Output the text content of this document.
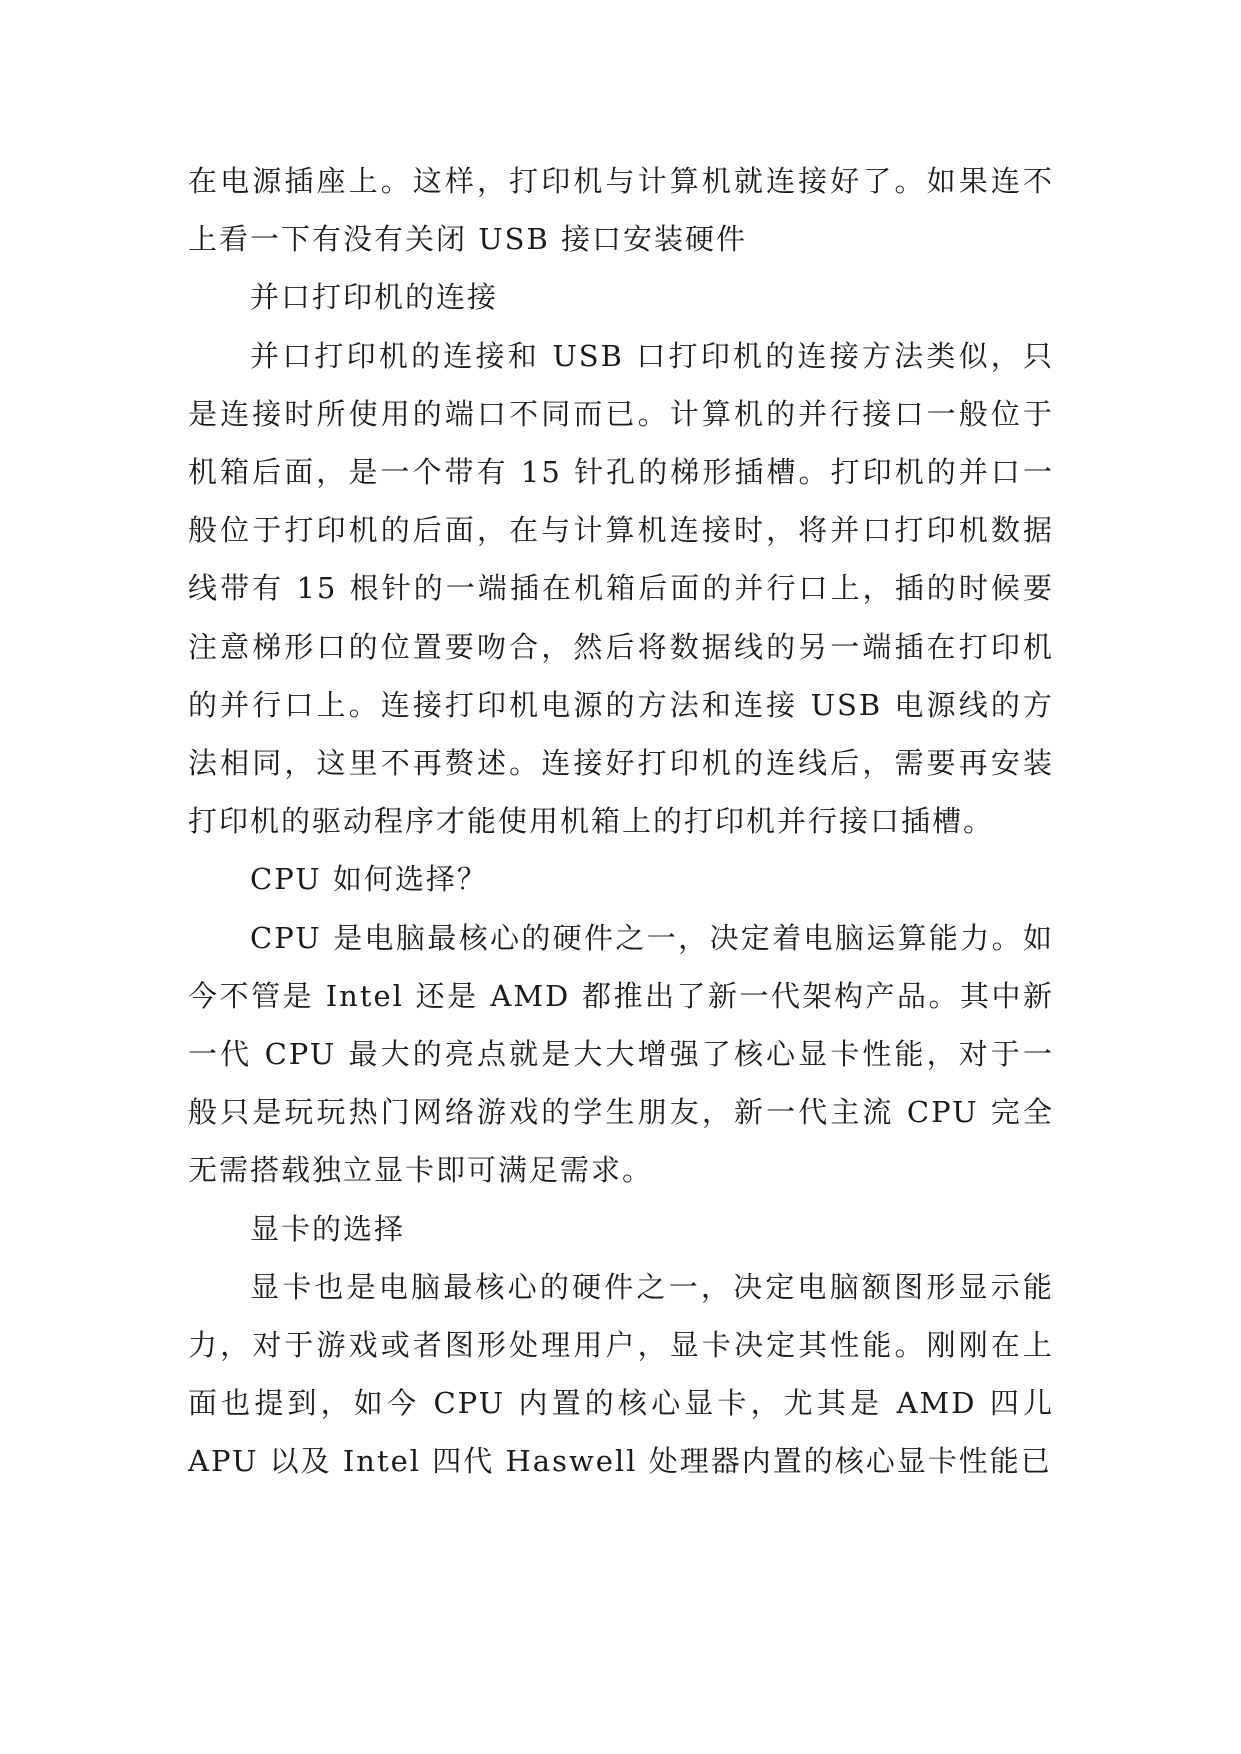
在电源插座上。这样，打印机与计算机就连接好了。如果连不上看一下有没有关闭 USB 接口安装硬件

并口打印机的连接

并口打印机的连接和 USB 口打印机的连接方法类似，只是连接时所使用的端口不同而已。计算机的并行接口一般位于机箱后面，是一个带有 15 针孔的梯形插槽。打印机的并口一般位于打印机的后面，在与计算机连接时，将并口打印机数据线带有 15 根针的一端插在机箱后面的并行口上，插的时候要注意梯形口的位置要吻合，然后将数据线的另一端插在打印机的并行口上。连接打印机电源的方法和连接 USB 电源线的方法相同，这里不再赘述。连接好打印机的连线后，需要再安装打印机的驱动程序才能使用机箱上的打印机并行接口插槽。

CPU 如何选择？

CPU 是电脑最核心的硬件之一，决定着电脑运算能力。如今不管是 Intel 还是 AMD 都推出了新一代架构产品。其中新一代 CPU 最大的亮点就是大大增强了核心显卡性能，对于一般只是玩玩热门网络游戏的学生朋友，新一代主流 CPU 完全无需搭载独立显卡即可满足需求。

显卡的选择

显卡也是电脑最核心的硬件之一，决定电脑额图形显示能力，对于游戏或者图形处理用户，显卡决定其性能。刚刚在上面也提到，如今 CPU 内置的核心显卡，尤其是 AMD 四儿 APU 以及 Intel 四代 Haswell 处理器内置的核心显卡性能已
